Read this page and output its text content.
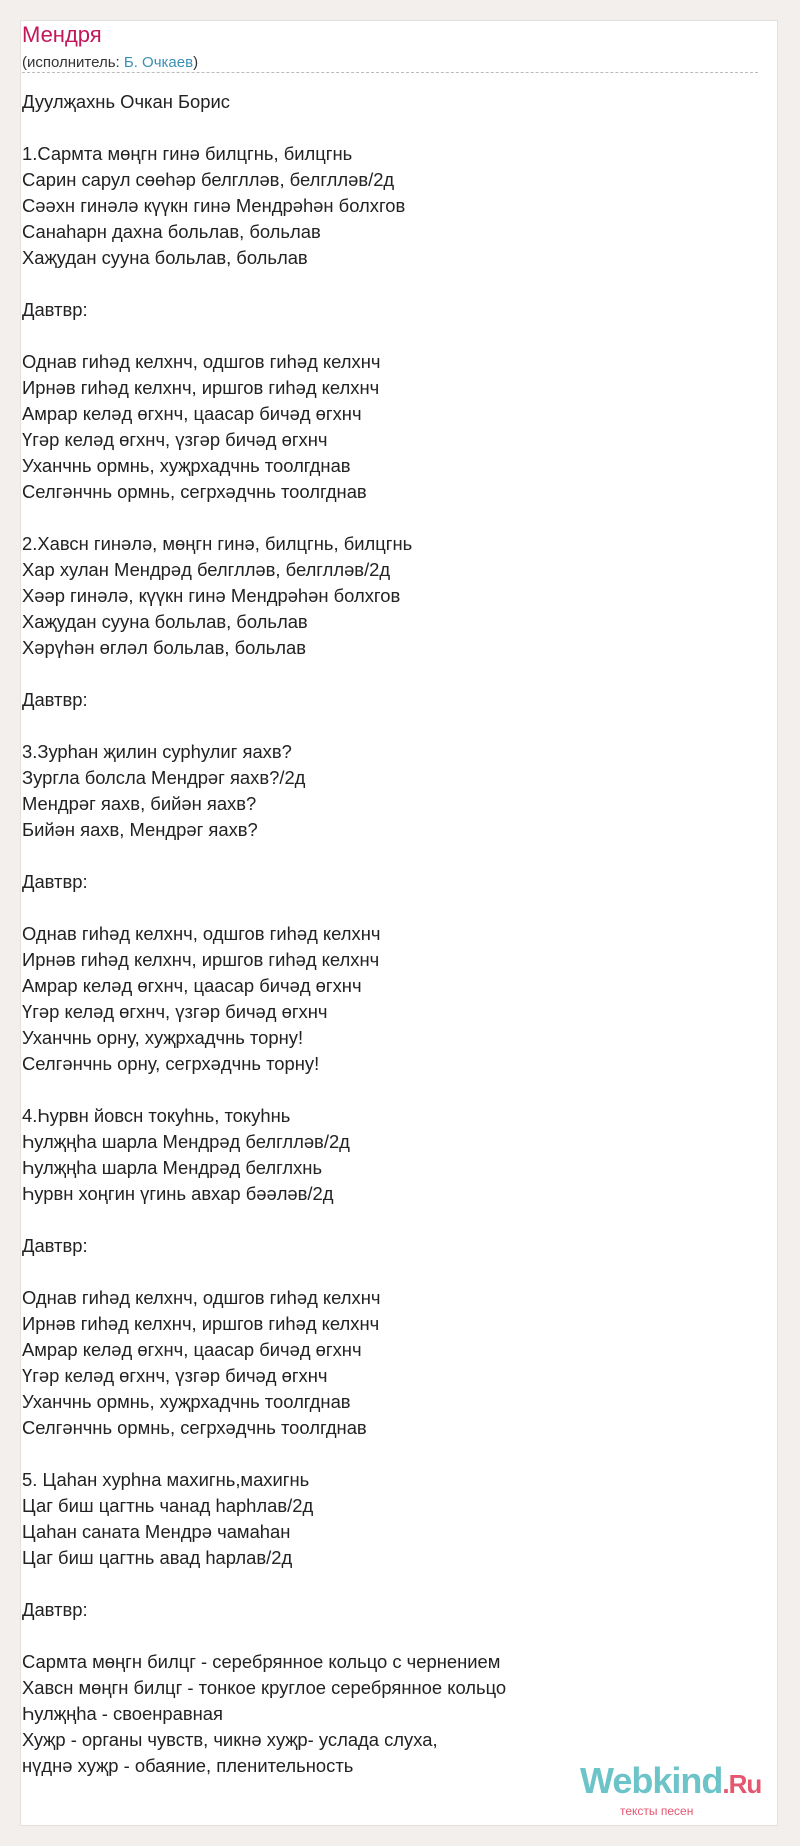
Мендря
(исполнитель: Б. Очкаев)
Дуулҗахнь Очкан Борис
1.Сармта мөңгн гинә билцгнь, билцгнь
Сарин сарул сөөһәр белглләв, белглләв/2д
Сәәхн гинәлә күүкн гинә Мендрәһән болхгов
Санаһарн дахна больлав, больлав
Хаҗудан сууна больлав, больлав
Давтвр:
Однав гиһәд келхнч, одшгов гиһәд келхнч
Ирнәв гиһәд келхнч, иршгов гиһәд келхнч
Амрар келәд өгхнч, цаасар бичәд өгхнч
Үгәр келәд өгхнч, үзгәр бичәд өгхнч
Уханчнь ормнь, хуҗрхадчнь тоолгднав
Селгәнчнь ормнь, сегрхәдчнь тоолгднав
2.Хавсн гинәлә, мөңгн гинә, билцгнь, билцгнь
Хар хулан Мендрәд белглләв, белглләв/2д
Хәәр гинәлә, күүкн гинә Мендрәһән болхгов
Хаҗудан сууна больлав, больлав
Хәрүһән өгләл больлав, больлав
Давтвр:
3.Зурһан җилин сурһулиг яахв?
Зургла болсла Мендрәг яахв?/2д
Мендрәг яахв, бийән яахв?
Бийән яахв, Мендрәг яахв?
Давтвр:
Однав гиһәд келхнч, одшгов гиһәд келхнч
Ирнәв гиһәд келхнч, иршгов гиһәд келхнч
Амрар келәд өгхнч, цаасар бичәд өгхнч
Үгәр келәд өгхнч, үзгәр бичәд өгхнч
Уханчнь орну, хуҗрхадчнь торну!
Селгәнчнь орну, сегрхәдчнь торну!
4.Һурвн йовсн токуһнь, токуһнь
Һулҗңһа шарла Мендрәд белглләв/2д
Һулҗңһа шарла Мендрәд белглхнь
Һурвн хоңгин үгинь авхар бәәләв/2д
Давтвр:
Однав гиһәд келхнч, одшгов гиһәд келхнч
Ирнәв гиһәд келхнч, иршгов гиһәд келхнч
Амрар келәд өгхнч, цаасар бичәд өгхнч
Үгәр келәд өгхнч, үзгәр бичәд өгхнч
Уханчнь ормнь, хуҗрхадчнь тоолгднав
Селгәнчнь ормнь, сегрхәдчнь тоолгднав
5. Цаһан хурһна махигнь,махигнь
Цаг биш цагтнь чанад һарһлав/2д
Цаһан саната Мендрә чамаһан
Цаг биш цагтнь авад һарлав/2д
Давтвр:
Сармта мөңгн билцг - серебрянное кольцо с чернением
Хавсн мөңгн билцг - тонкое круглое серебрянное кольцо
Һулҗңһа - своенравная
Хуҗр - органы чувств, чикнә хуҗр- услада слуха,
нүднә хуҗр - обаяние, пленительность	Webkind.Ru
тексты песен
